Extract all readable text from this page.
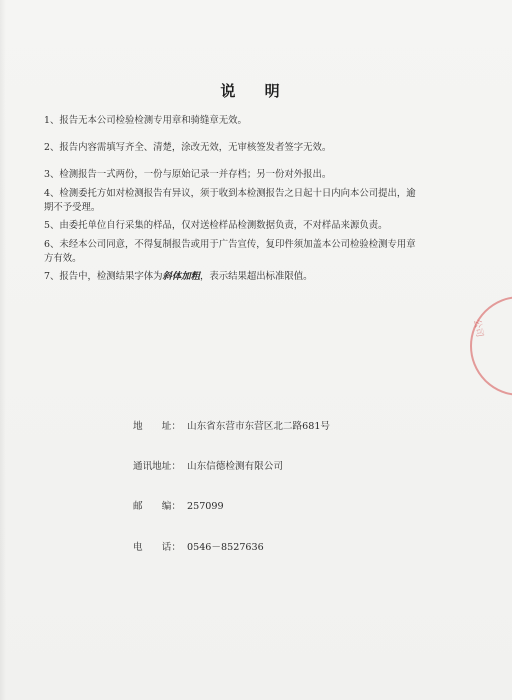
说 明
1、报告无本公司检验检测专用章和骑缝章无效。
2、报告内容需填写齐全、清楚，涂改无效，无审核签发者签字无效。
3、检测报告一式两份，一份与原始记录一并存档；另一份对外报出。
4、检测委托方如对检测报告有异议，须于收到本检测报告之日起十日内向本公司提出，逾
期不予受理。
5、由委托单位自行采集的样品，仅对送检样品检测数据负责，不对样品来源负责。
6、未经本公司同意，不得复制报告或用于广告宣传，复印件须加盖本公司检验检测专用章
方有效。
7、报告中，检测结果字体为斜体加粗，表示结果超出标准限值。
公司
地　　址： 山东省东营市东营区北二路681号
通讯地址： 山东信德检测有限公司
邮　　编： 257099
电　　话： 0546－8527636
